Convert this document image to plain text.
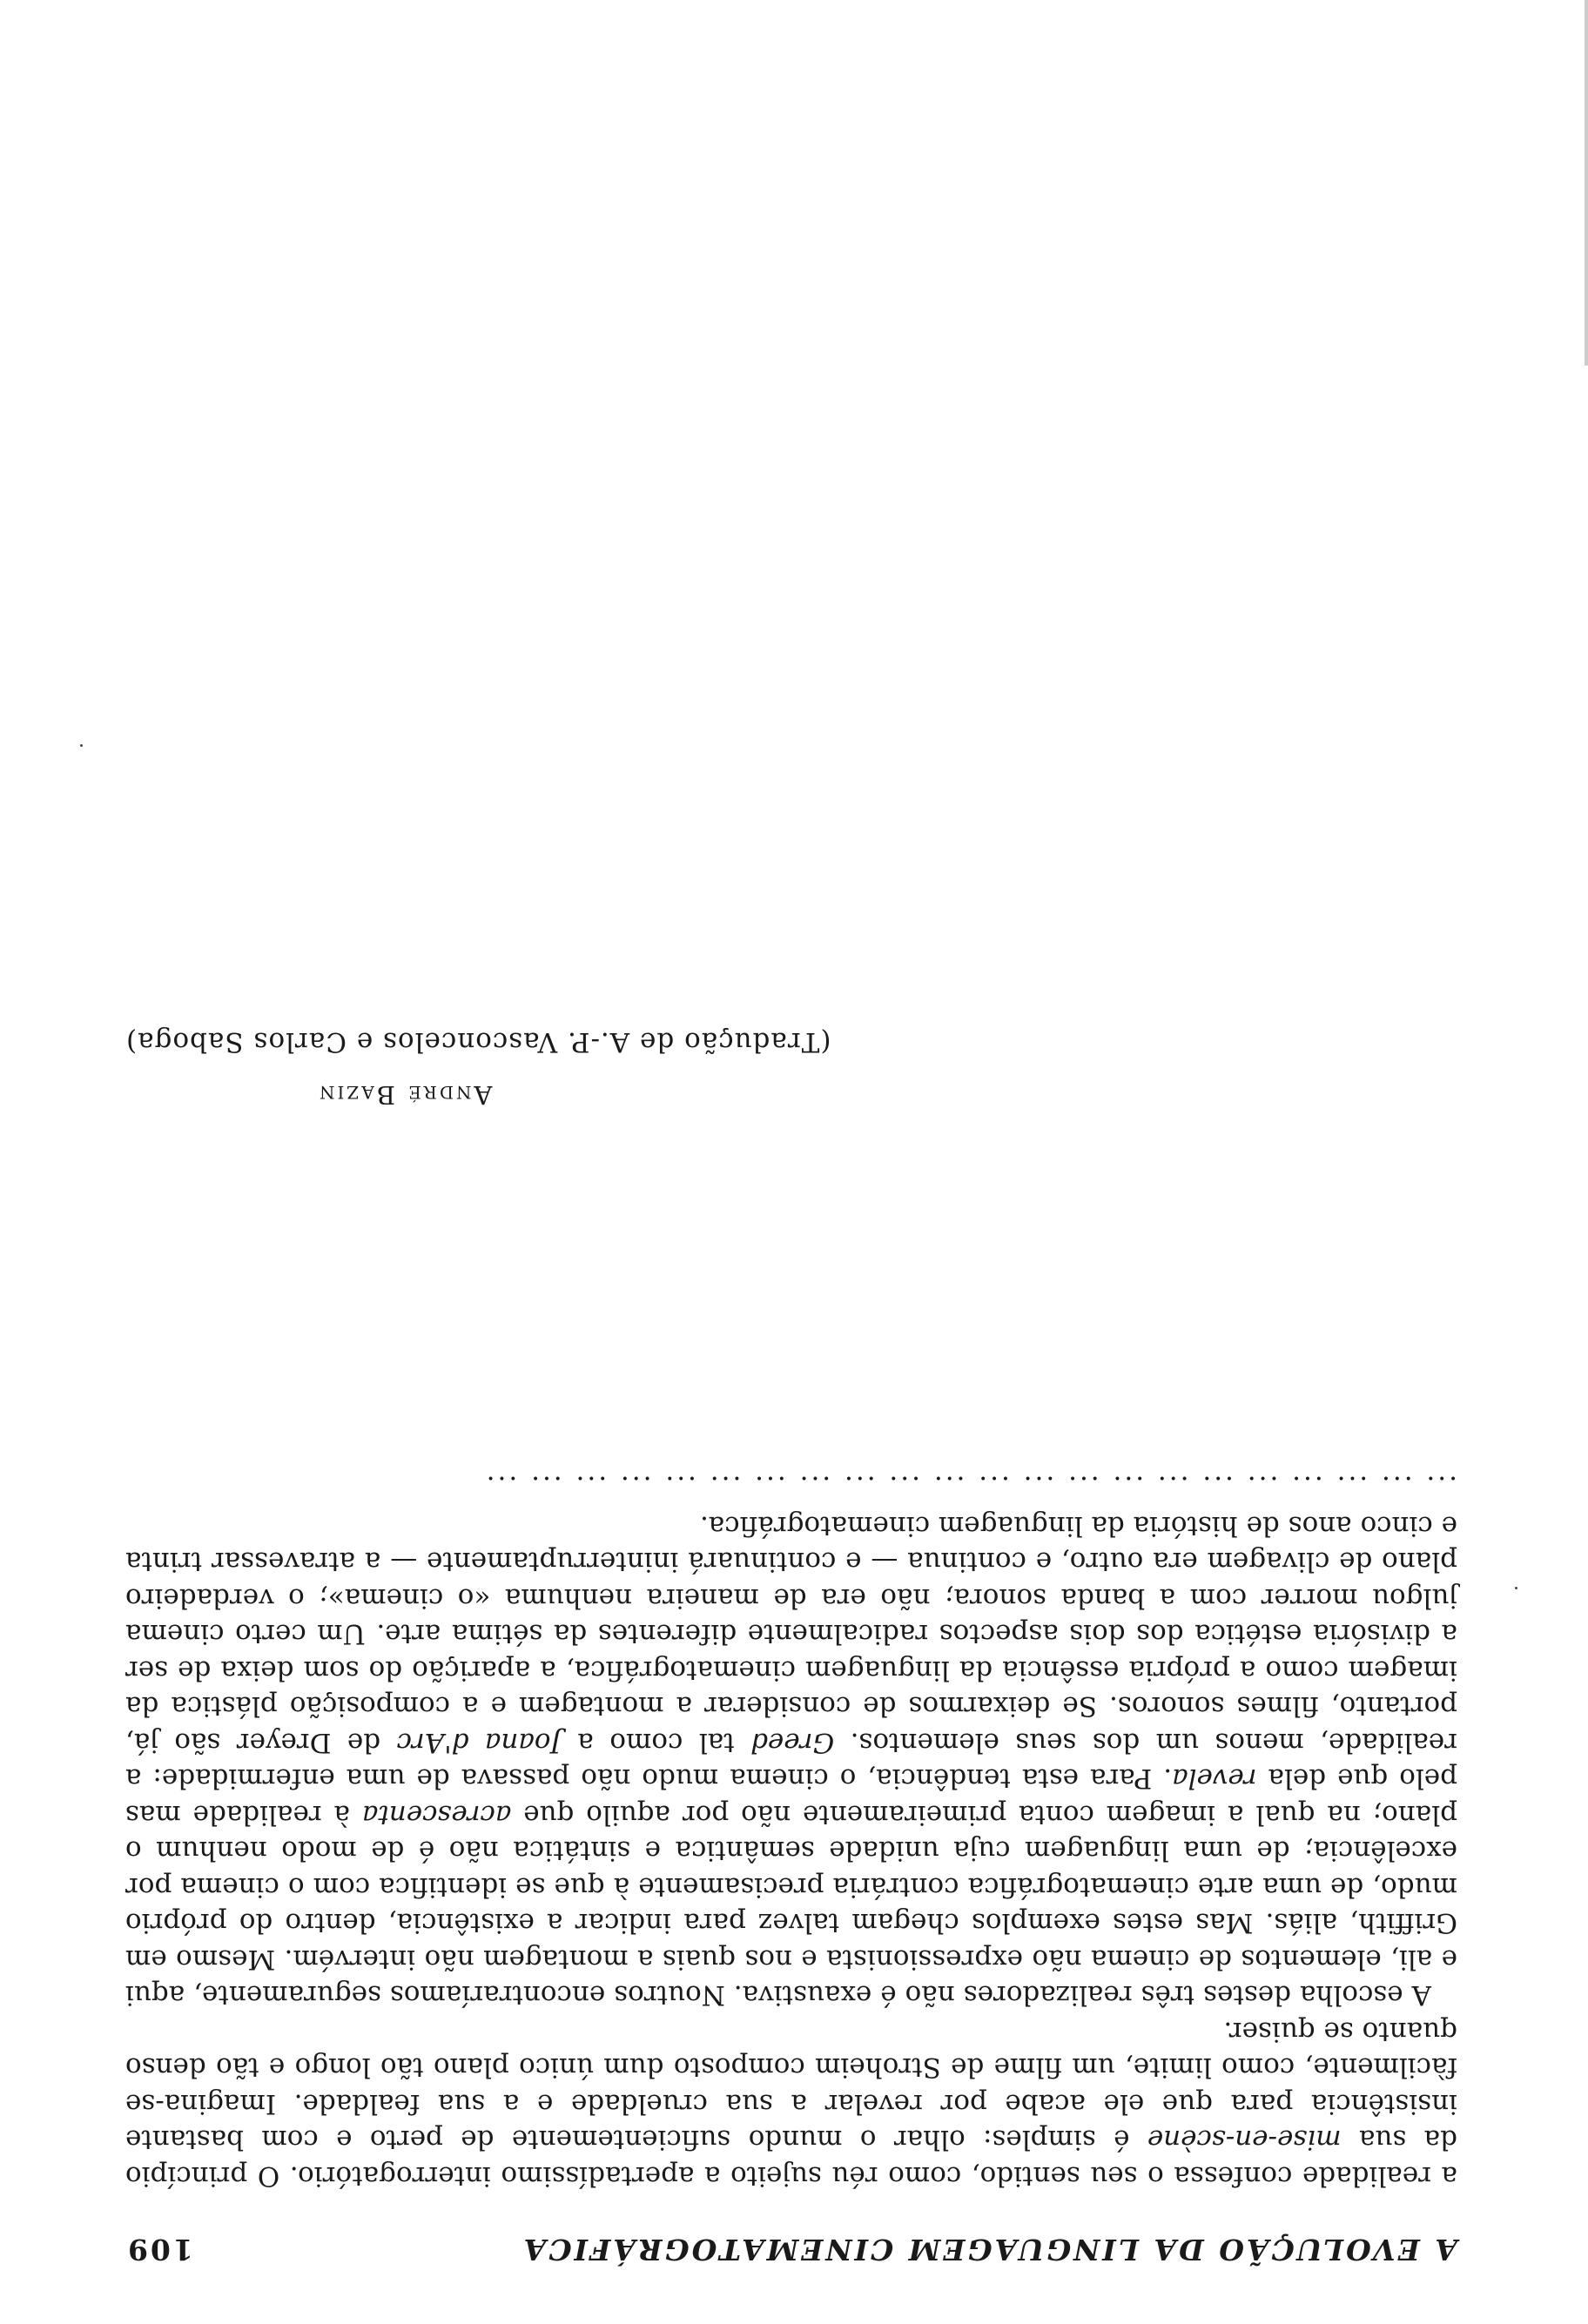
A EVOLUÇÃO DA LINGUAGEM CINEMATOGRÁFICA
109

a realidade confessa o seu sentido, como réu sujeito a apertadíssimo interrogatório. O princípio da sua mise-en-scène é simples: olhar o mundo suficientemente de perto e com bastante insistência para que ele acabe por revelar a sua crueldade e a sua fealdade. Imagina-se fàcilmente, como limite, um filme de Stroheim composto dum único plano tão longo e tão denso quanto se quiser.

A escolha destes três realizadores não é exaustiva. Noutros encontraríamos seguramente, aqui e ali, elementos de cinema não expressionista e nos quais a montagem não intervém. Mesmo em Griffith, aliás. Mas estes exemplos chegam talvez para indicar a existência, dentro do próprio mudo, de uma arte cinematográfica contrária precisamente à que se identifica com o cinema por excelência; de uma linguagem cuja unidade semântica e sintática não é de modo nenhum o plano; na qual a imagem conta primeiramente não por aquilo que acrescenta à realidade mas pelo que dela revela. Para esta tendência, o cinema mudo não passava de uma enfermidade: a realidade, menos um dos seus elementos. Greed tal como a Joana d'Arc de Dreyer são já, portanto, filmes sonoros. Se deixarmos de considerar a montagem e a composição plástica da imagem como a própria essência da linguagem cinematográfica, a aparição do som deixa de ser a divisória estética dos dois aspectos radicalmente diferentes da sétima arte. Um certo cinema julgou morrer com a banda sonora; não era de maneira nenhuma «o cinema»; o verdadeiro plano de clivagem era outro, e continua — e continuará ininterruptamente — a atravessar trinta e cinco anos de história da linguagem cinematográfica.

... ... ... ... ... ... ... ... ... ... ... ... ... ... ... ... ... ... ... ... ... ...

André Bazin
(Tradução de A.-P. Vasconcelos e Carlos Saboga)
